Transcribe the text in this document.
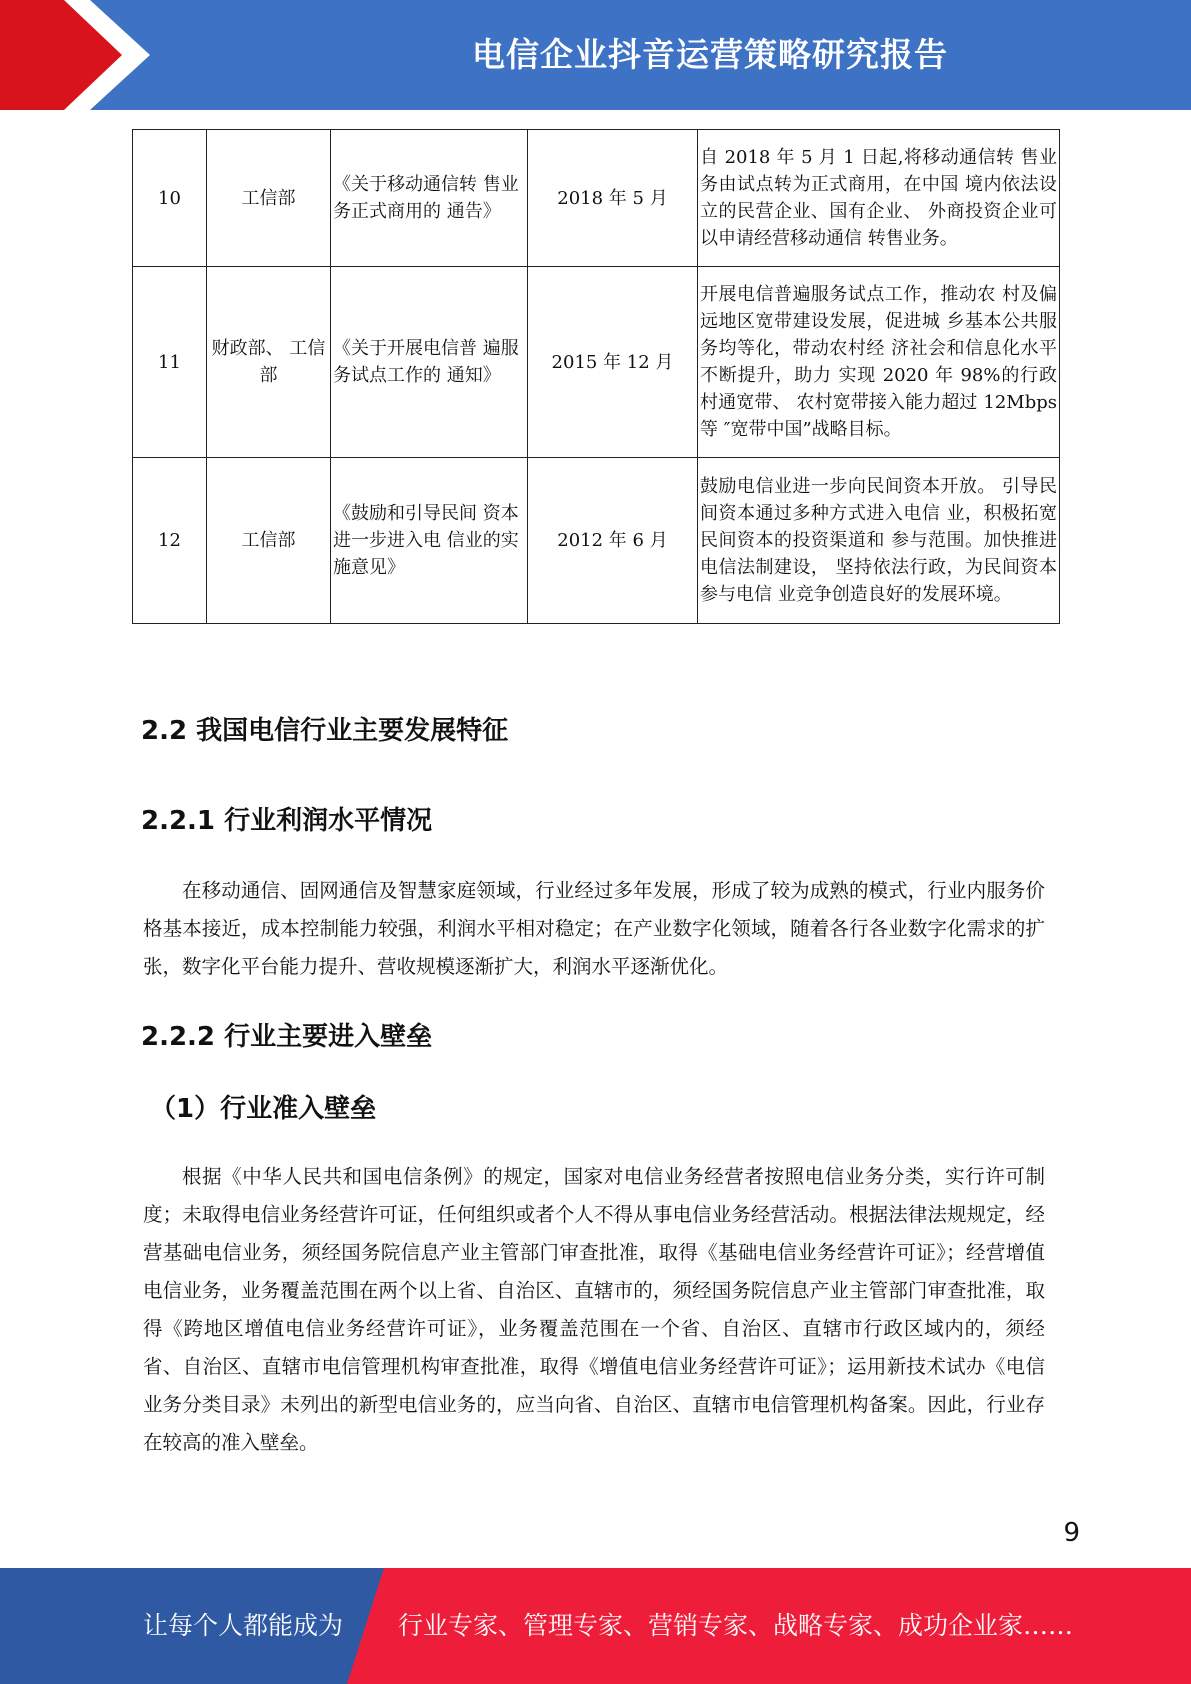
电信企业抖音运营策略研究报告
10	工信部	《关于移动通信转 售业务正式商用的 通告》	2018 年 5 月	自 2018 年 5 月 1 日起,将移动通信转 售业务由试点转为正式商用，在中国 境内依法设立的民营企业、国有企业、 外商投资企业可以申请经营移动通信 转售业务。
11	财政部、 工信部	《关于开展电信普 遍服务试点工作的 通知》	2015 年 12 月	开展电信普遍服务试点工作，推动农 村及偏远地区宽带建设发展，促进城 乡基本公共服务均等化，带动农村经 济社会和信息化水平不断提升，助力 实现 2020 年 98%的行政村通宽带、 农村宽带接入能力超过 12Mbps 等 ″宽带中国”战略目标。
12	工信部	《鼓励和引导民间 资本进一步进入电 信业的实施意见》	2012 年 6 月	鼓励电信业进一步向民间资本开放。 引导民间资本通过多种方式进入电信 业，积极拓宽民间资本的投资渠道和 参与范围。加快推进电信法制建设， 坚持依法行政，为民间资本参与电信 业竞争创造良好的发展环境。
2.2 我国电信行业主要发展特征
2.2.1 行业利润水平情况

在移动通信、固网通信及智慧家庭领域，行业经过多年发展，形成了较为成熟的模式，行业内服务价格基本接近，成本控制能力较强，利润水平相对稳定；在产业数字化领域，随着各行各业数字化需求的扩张，数字化平台能力提升、营收规模逐渐扩大，利润水平逐渐优化。

2.2.2 行业主要进入壁垒
（1）行业准入壁垒

根据《中华人民共和国电信条例》的规定，国家对电信业务经营者按照电信业务分类，实行许可制度；未取得电信业务经营许可证，任何组织或者个人不得从事电信业务经营活动。根据法律法规规定，经营基础电信业务，须经国务院信息产业主管部门审查批准，取得《基础电信业务经营许可证》；经营增值电信业务，业务覆盖范围在两个以上省、自治区、直辖市的，须经国务院信息产业主管部门审查批准，取得《跨地区增值电信业务经营许可证》，业务覆盖范围在一个省、自治区、直辖市行政区域内的，须经省、自治区、直辖市电信管理机构审查批准，取得《增值电信业务经营许可证》；运用新技术试办《电信业务分类目录》未列出的新型电信业务的，应当向省、自治区、直辖市电信管理机构备案。因此，行业存在较高的准入壁垒。

9
让每个人都能成为 行业专家、管理专家、营销专家、战略专家、成功企业家……
